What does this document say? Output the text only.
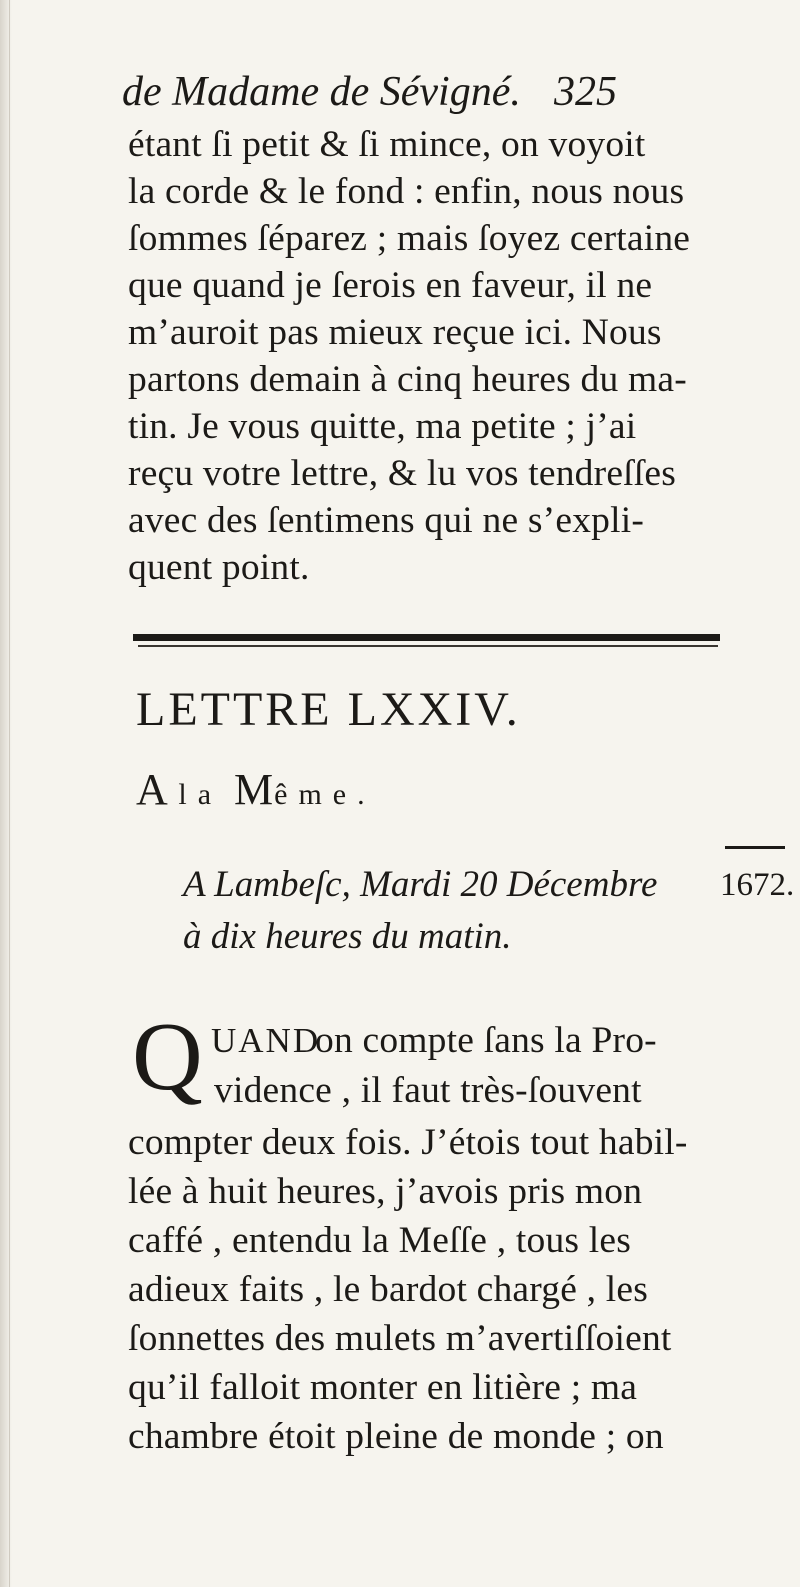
de Madame de Sévigné. 325
étant ſi petit & ſi mince, on voyoit
la corde & le fond : enfin, nous nous
ſommes ſéparez ; mais ſoyez certaine
que quand je ſerois en faveur, il ne
m’auroit pas mieux reçue ici. Nous
partons demain à cinq heures du ma-
tin. Je vous quitte, ma petite ; j’ai
reçu votre lettre, & lu vos tendreſſes
avec des ſentimens qui ne s’expli-
quent point.
LETTRE LXXIV.
A la Même.
A Lambeſc, Mardi 20 Décembre 1672.
à dix heures du matin.
Q UAND
on compte ſans la Pro-
vidence , il faut très-ſouvent
compter deux fois. J’étois tout habil-
lée à huit heures, j’avois pris mon
caffé , entendu la Meſſe , tous les
adieux faits , le bardot chargé , les
ſonnettes des mulets m’avertiſſoient
qu’il falloit monter en litière ; ma
chambre étoit pleine de monde ; on
